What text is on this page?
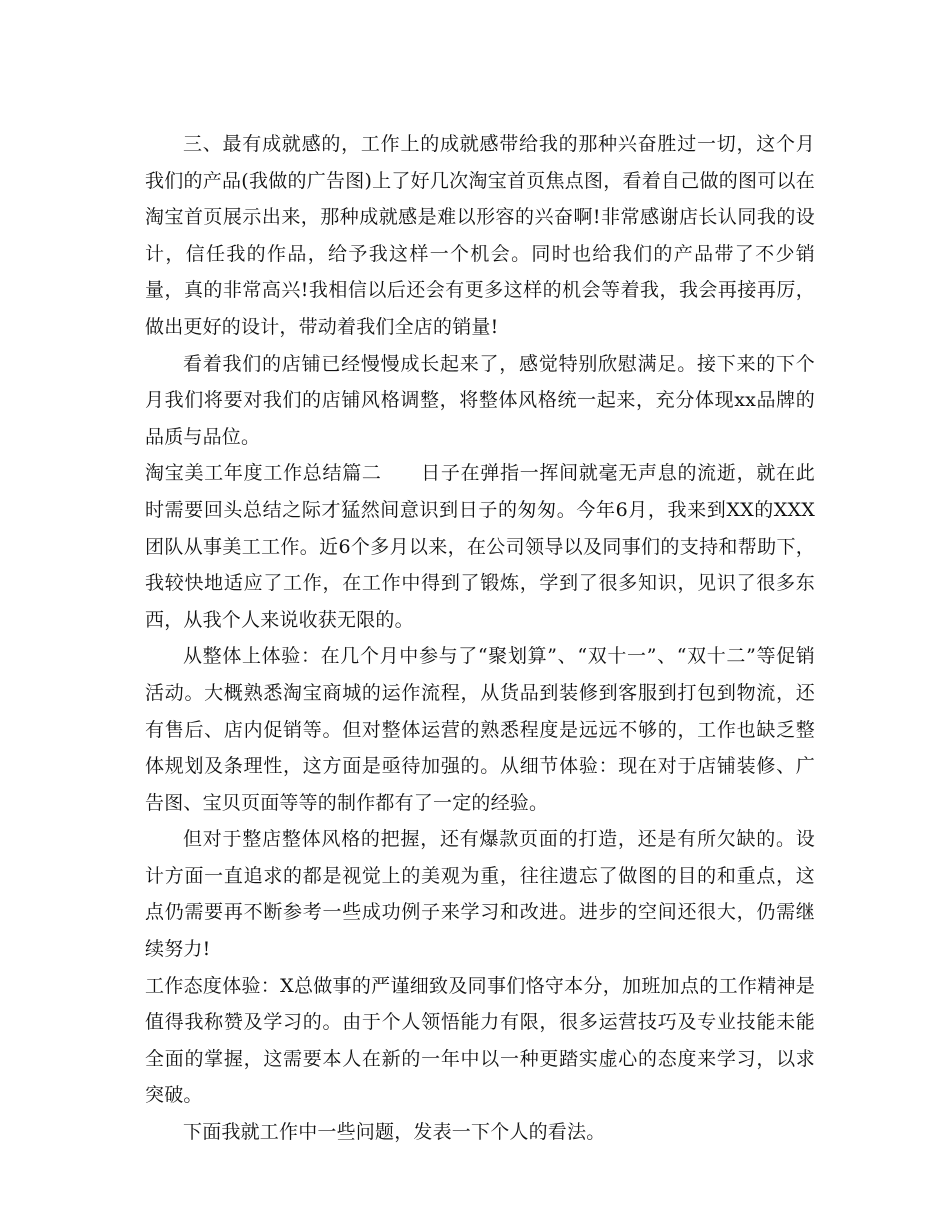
三、最有成就感的，工作上的成就感带给我的那种兴奋胜过一切，这个月我们的产品(我做的广告图)上了好几次淘宝首页焦点图，看着自己做的图可以在淘宝首页展示出来，那种成就感是难以形容的兴奋啊!非常感谢店长认同我的设计，信任我的作品，给予我这样一个机会。同时也给我们的产品带了不少销量，真的非常高兴!我相信以后还会有更多这样的机会等着我，我会再接再厉，做出更好的设计，带动着我们全店的销量!

看着我们的店铺已经慢慢成长起来了，感觉特别欣慰满足。接下来的下个月我们将要对我们的店铺风格调整，将整体风格统一起来，充分体现xx品牌的品质与品位。

淘宝美工年度工作总结篇二　　日子在弹指一挥间就毫无声息的流逝，就在此时需要回头总结之际才猛然间意识到日子的匆匆。今年6月，我来到XX的XXX团队从事美工工作。近6个多月以来，在公司领导以及同事们的支持和帮助下，我较快地适应了工作，在工作中得到了锻炼，学到了很多知识，见识了很多东西，从我个人来说收获无限的。

从整体上体验：在几个月中参与了“聚划算”、“双十一”、“双十二”等促销活动。大概熟悉淘宝商城的运作流程，从货品到装修到客服到打包到物流，还有售后、店内促销等。但对整体运营的熟悉程度是远远不够的，工作也缺乏整体规划及条理性，这方面是亟待加强的。从细节体验：现在对于店铺装修、广告图、宝贝页面等等的制作都有了一定的经验。

但对于整店整体风格的把握，还有爆款页面的打造，还是有所欠缺的。设计方面一直追求的都是视觉上的美观为重，往往遗忘了做图的目的和重点，这点仍需要再不断参考一些成功例子来学习和改进。进步的空间还很大，仍需继续努力!

工作态度体验：X总做事的严谨细致及同事们恪守本分，加班加点的工作精神是值得我称赞及学习的。由于个人领悟能力有限，很多运营技巧及专业技能未能全面的掌握，这需要本人在新的一年中以一种更踏实虚心的态度来学习，以求突破。

下面我就工作中一些问题，发表一下个人的看法。
